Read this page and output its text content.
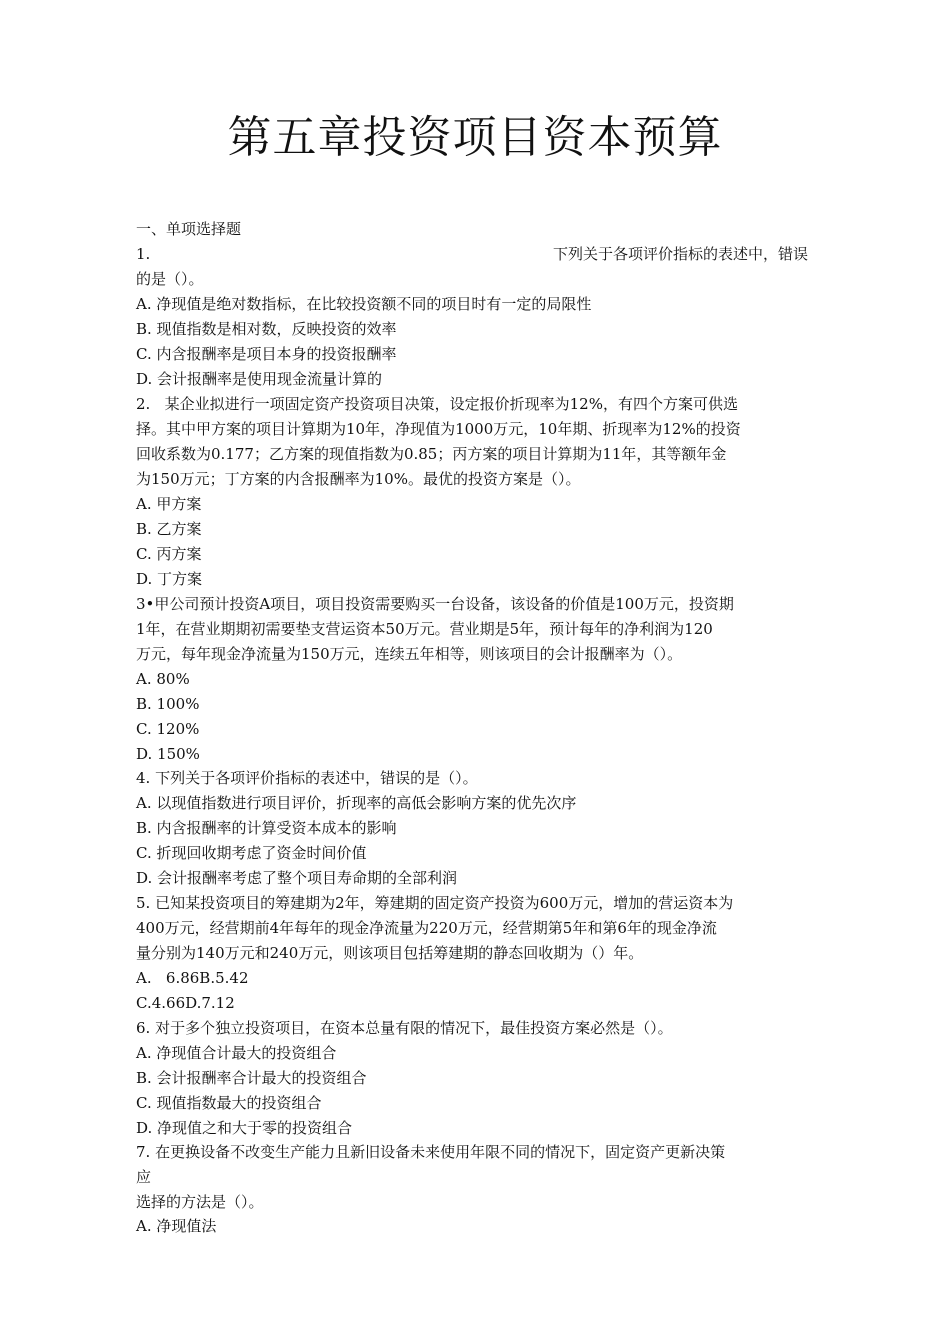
第五章投资项目资本预算
一、单项选择题
1.	下列关于各项评价指标的表述中，错误
的是（）。
A. 净现值是绝对数指标，在比较投资额不同的项目时有一定的局限性
B. 现值指数是相对数，反映投资的效率
C. 内含报酬率是项目本身的投资报酬率
D. 会计报酬率是使用现金流量计算的
2.   某企业拟进行一项固定资产投资项目决策，设定报价折现率为12%，有四个方案可供选
择。其中甲方案的项目计算期为10年，净现值为1000万元，10年期、折现率为12%的投资
回收系数为0.177；乙方案的现值指数为0.85；丙方案的项目计算期为11年，其等额年金
为150万元；丁方案的内含报酬率为10%。最优的投资方案是（）。
A. 甲方案
B. 乙方案
C. 丙方案
D. 丁方案
3•甲公司预计投资A项目，项目投资需要购买一台设备，该设备的价值是100万元，投资期
1年，在营业期期初需要垫支营运资本50万元。营业期是5年，预计每年的净利润为120
万元，每年现金净流量为150万元，连续五年相等，则该项目的会计报酬率为（）。
A. 80%
B. 100%
C. 120%
D. 150%
4. 下列关于各项评价指标的表述中，错误的是（）。
A. 以现值指数进行项目评价，折现率的高低会影响方案的优先次序
B. 内含报酬率的计算受资本成本的影响
C. 折现回收期考虑了资金时间价值
D. 会计报酬率考虑了整个项目寿命期的全部利润
5. 已知某投资项目的筹建期为2年，筹建期的固定资产投资为600万元，增加的营运资本为
400万元，经营期前4年每年的现金净流量为220万元，经营期第5年和第6年的现金净流
量分别为140万元和240万元，则该项目包括筹建期的静态回收期为（）年。
A.   6.86B.5.42
C.4.66D.7.12
6. 对于多个独立投资项目，在资本总量有限的情况下，最佳投资方案必然是（）。
A. 净现值合计最大的投资组合
B. 会计报酬率合计最大的投资组合
C. 现值指数最大的投资组合
D. 净现值之和大于零的投资组合
7. 在更换设备不改变生产能力且新旧设备未来使用年限不同的情况下，固定资产更新决策
应
选择的方法是（）。
A. 净现值法
